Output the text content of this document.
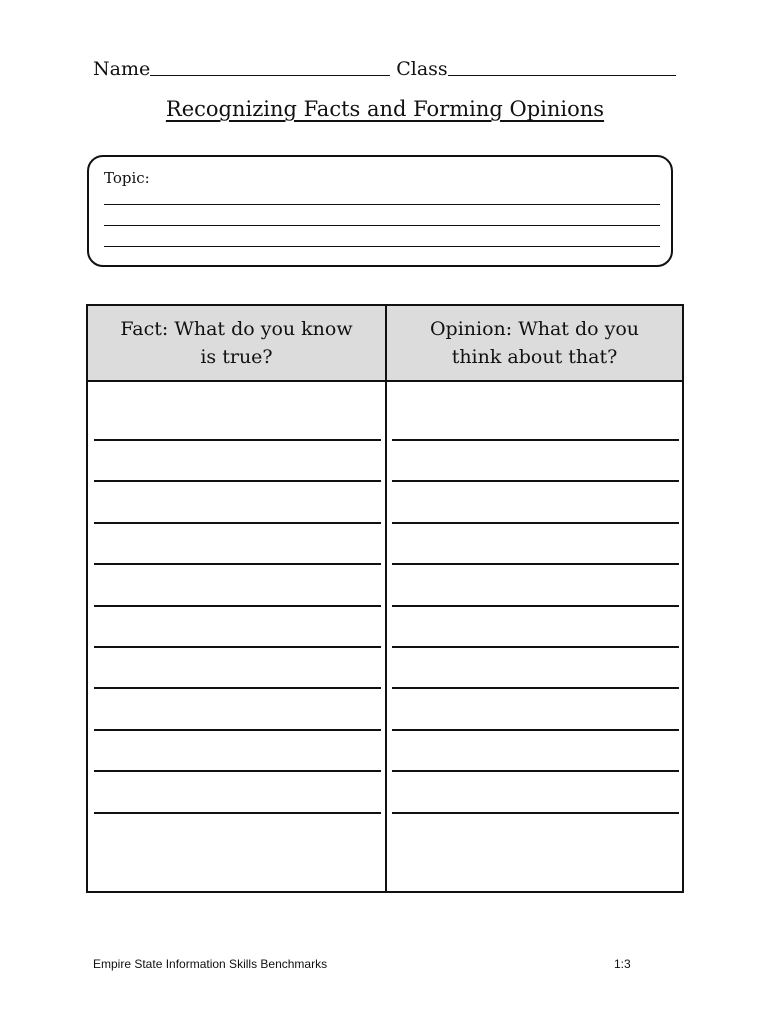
Name	Class
Recognizing Facts and Forming Opinions
Topic:
Fact: What do you know
is true?
Opinion: What do you
think about that?
Empire State Information Skills Benchmarks	1:3
